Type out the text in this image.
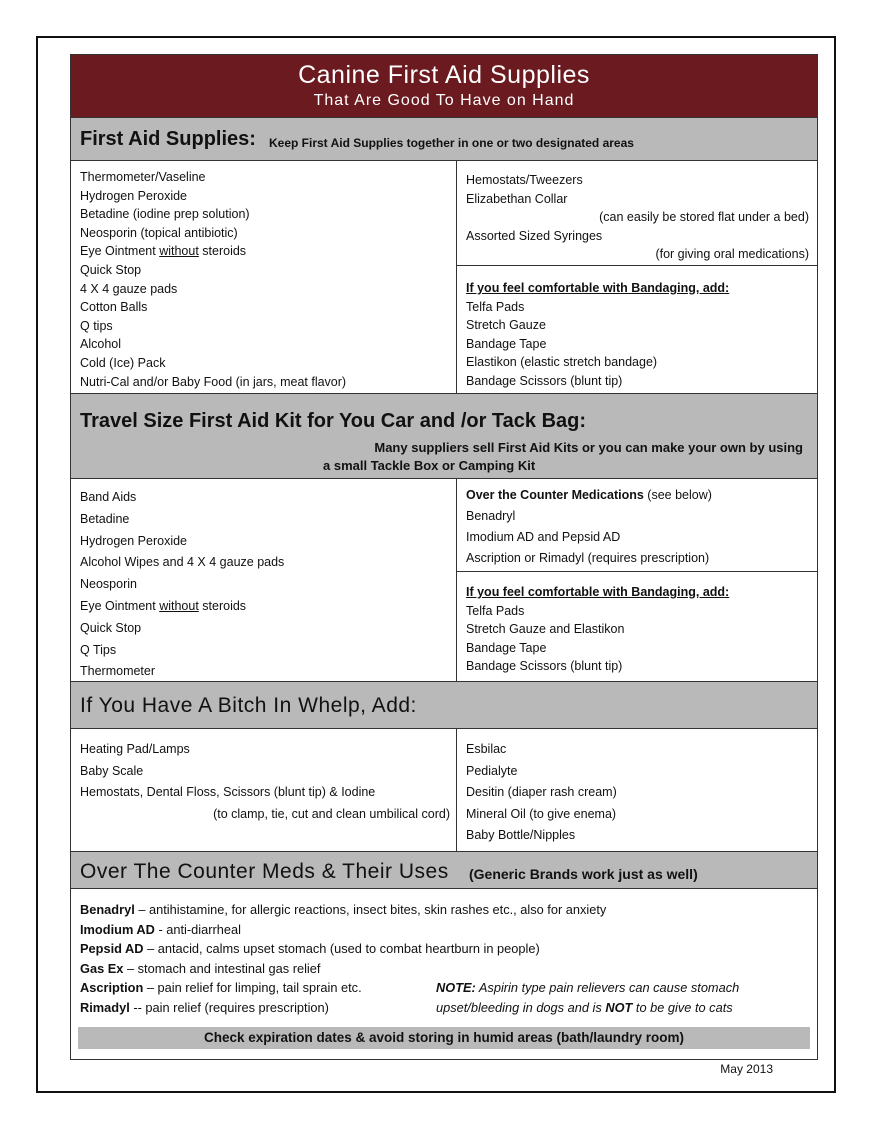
Canine First Aid Supplies
That Are Good To Have on Hand
First Aid Supplies: Keep First Aid Supplies together in one or two designated areas
Thermometer/Vaseline
Hydrogen Peroxide
Betadine (iodine prep solution)
Neosporin (topical antibiotic)
Eye Ointment without steroids
Quick Stop
4 X 4 gauze pads
Cotton Balls
Q tips
Alcohol
Cold (Ice) Pack
Nutri-Cal and/or Baby Food (in jars, meat flavor)
Hemostats/Tweezers
Elizabethan Collar
(can easily be stored flat under a bed)
Assorted Sized Syringes
(for giving oral medications)
If you feel comfortable with Bandaging, add:
Telfa Pads
Stretch Gauze
Bandage Tape
Elastikon (elastic stretch bandage)
Bandage Scissors (blunt tip)
Travel Size First Aid Kit for You Car and /or Tack Bag:
Many suppliers sell First Aid Kits or you can make your own by using
a small Tackle Box or Camping Kit
Band Aids
Betadine
Hydrogen Peroxide
Alcohol Wipes and 4 X 4 gauze pads
Neosporin
Eye Ointment without steroids
Quick Stop
Q Tips
Thermometer
Over the Counter Medications (see below)
Benadryl
Imodium AD and Pepsid AD
Ascription or Rimadyl (requires prescription)
If you feel comfortable with Bandaging, add:
Telfa Pads
Stretch Gauze and Elastikon
Bandage Tape
Bandage Scissors (blunt tip)
If You Have A Bitch In Whelp, Add:
Heating Pad/Lamps
Baby Scale
Hemostats, Dental Floss, Scissors (blunt tip) & Iodine
(to clamp, tie, cut and clean umbilical cord)
Esbilac
Pedialyte
Desitin (diaper rash cream)
Mineral Oil (to give enema)
Baby Bottle/Nipples
Over The Counter Meds & Their Uses (Generic Brands work just as well)
Benadryl – antihistamine, for allergic reactions, insect bites, skin rashes etc., also for anxiety
Imodium AD - anti-diarrheal
Pepsid AD – antacid, calms upset stomach (used to combat heartburn in people)
Gas Ex – stomach and intestinal gas relief
Ascription – pain relief for limping, tail sprain etc.
Rimadyl -- pain relief (requires prescription)
NOTE: Aspirin type pain relievers can cause stomach
upset/bleeding in dogs and is NOT to be give to cats
Check expiration dates & avoid storing in humid areas (bath/laundry room)
May 2013
